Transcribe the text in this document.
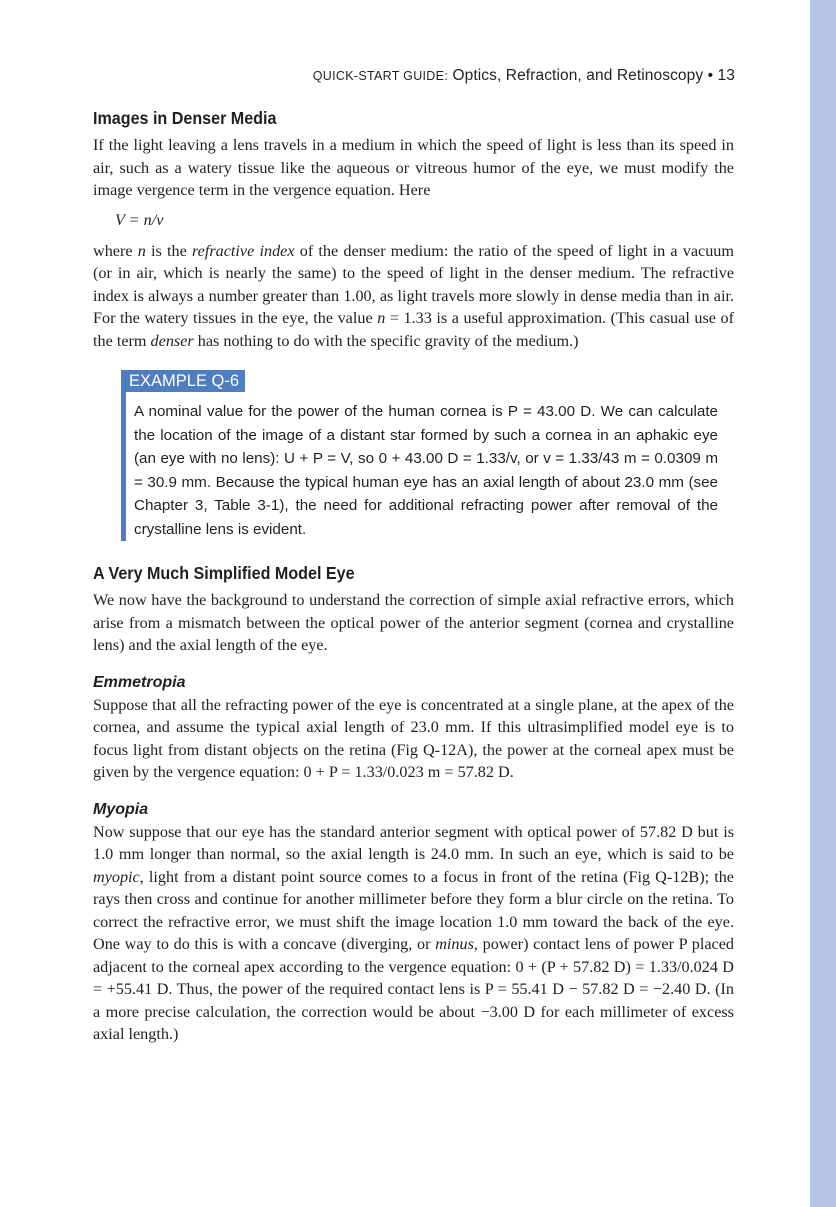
QUICK-START GUIDE: Optics, Refraction, and Retinoscopy • 13
Images in Denser Media

If the light leaving a lens travels in a medium in which the speed of light is less than its speed in air, such as a watery tissue like the aqueous or vitreous humor of the eye, we must modify the image vergence term in the vergence equation. Here

V = n/v

where n is the refractive index of the denser medium: the ratio of the speed of light in a vacuum (or in air, which is nearly the same) to the speed of light in the denser medium. The refractive index is always a number greater than 1.00, as light travels more slowly in dense media than in air. For the watery tissues in the eye, the value n = 1.33 is a useful approximation. (This casual use of the term denser has nothing to do with the specific gravity of the medium.)

EXAMPLE Q-6

A nominal value for the power of the human cornea is P = 43.00 D. We can calculate the location of the image of a distant star formed by such a cornea in an aphakic eye (an eye with no lens): U + P = V, so 0 + 43.00 D = 1.33/v, or v = 1.33/43 m = 0.0309 m = 30.9 mm. Because the typical human eye has an axial length of about 23.0 mm (see Chapter 3, Table 3-1), the need for additional refracting power after removal of the crystalline lens is evident.

A Very Much Simplified Model Eye

We now have the background to understand the correction of simple axial refractive errors, which arise from a mismatch between the optical power of the anterior segment (cornea and crystalline lens) and the axial length of the eye.

Emmetropia

Suppose that all the refracting power of the eye is concentrated at a single plane, at the apex of the cornea, and assume the typical axial length of 23.0 mm. If this ultrasimplified model eye is to focus light from distant objects on the retina (Fig Q-12A), the power at the corneal apex must be given by the vergence equation: 0 + P = 1.33/0.023 m = 57.82 D.

Myopia

Now suppose that our eye has the standard anterior segment with optical power of 57.82 D but is 1.0 mm longer than normal, so the axial length is 24.0 mm. In such an eye, which is said to be myopic, light from a distant point source comes to a focus in front of the retina (Fig Q-12B); the rays then cross and continue for another millimeter before they form a blur circle on the retina. To correct the refractive error, we must shift the image location 1.0 mm toward the back of the eye. One way to do this is with a concave (diverging, or minus, power) contact lens of power P placed adjacent to the corneal apex according to the vergence equation: 0 + (P + 57.82 D) = 1.33/0.024 D = +55.41 D. Thus, the power of the required contact lens is P = 55.41 D − 57.82 D = −2.40 D. (In a more precise calculation, the correction would be about −3.00 D for each millimeter of excess axial length.)
